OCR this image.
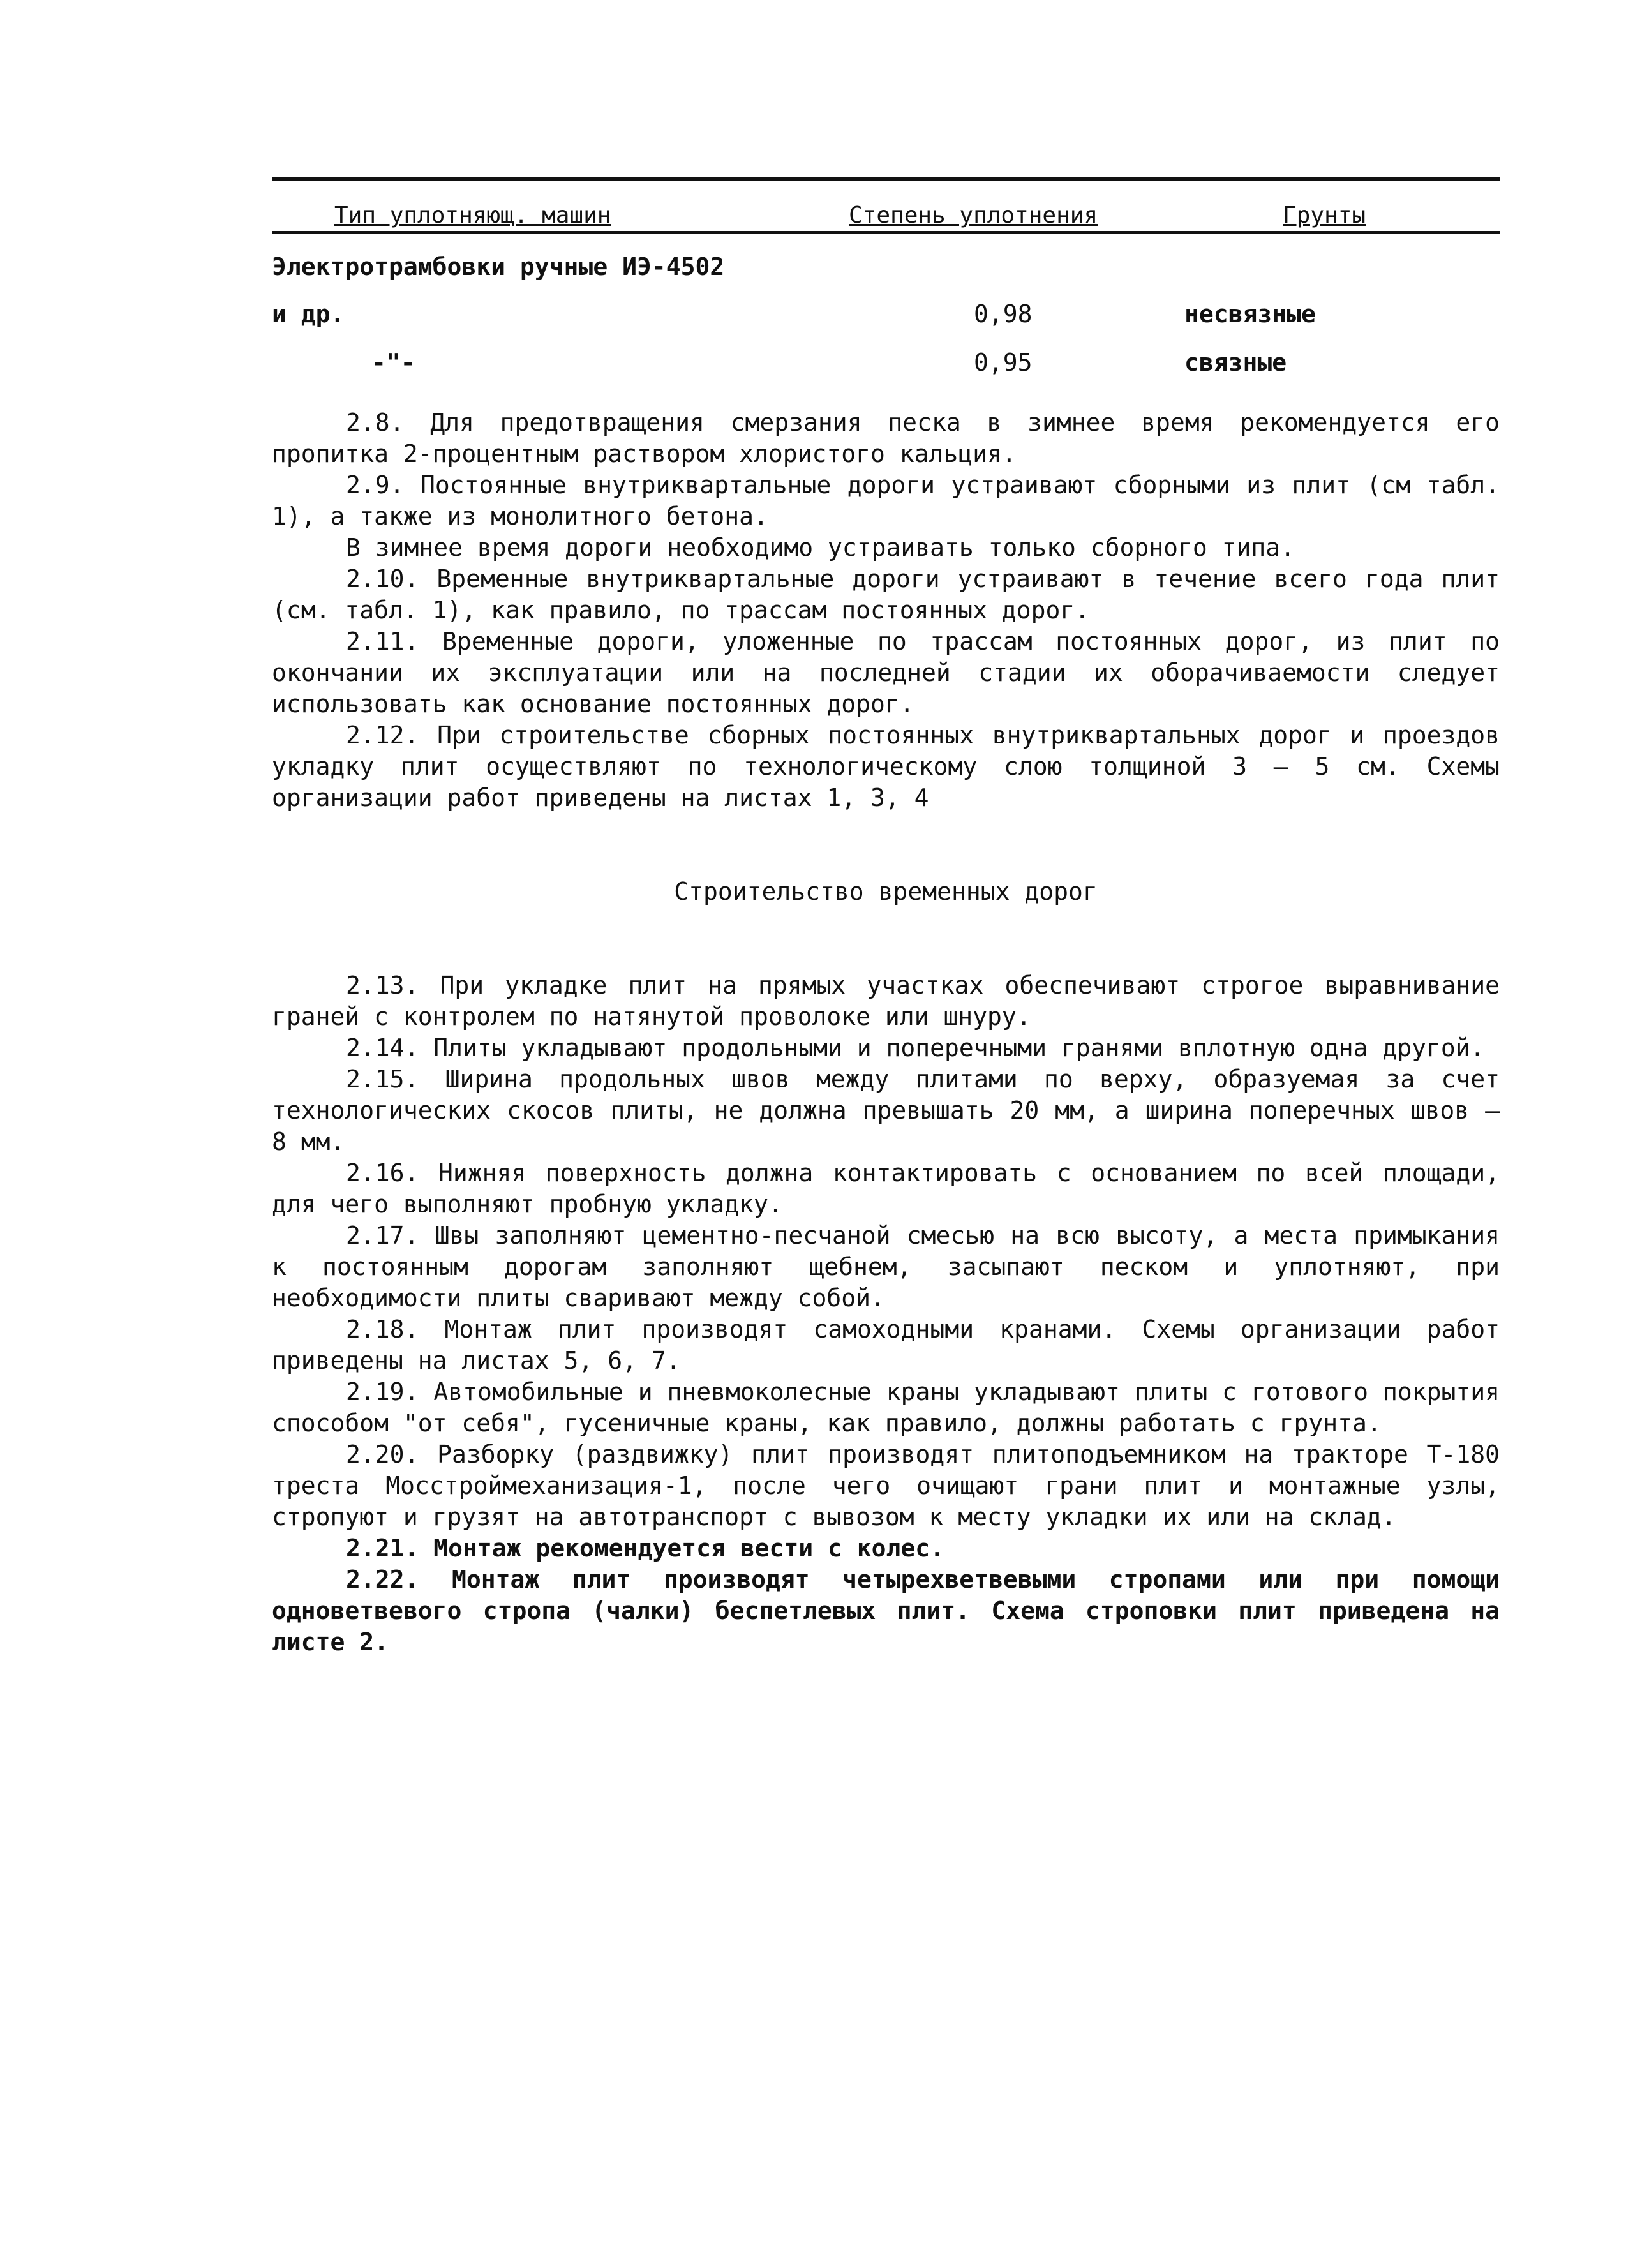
Тип уплотняющ. машин	Степень уплотнения	Грунты
Электротрамбовки ручные ИЭ-4502
и др.	0,98	несвязные
-"-	0,95	связные

2.8. Для предотвращения смерзания песка в зимнее время рекомендуется его пропитка 2-процентным раствором хлористого кальция.

2.9. Постоянные внутриквартальные дороги устраивают сборными из плит (см табл. 1), а также из монолитного бетона.

В зимнее время дороги необходимо устраивать только сборного типа.

2.10. Временные внутриквартальные дороги устраивают в течение всего года плит (см. табл. 1), как правило, по трассам постоянных дорог.

2.11. Временные дороги, уложенные по трассам постоянных дорог, из плит по окончании их эксплуатации или на последней стадии их оборачиваемости следует использовать как основание постоянных дорог.

2.12. При строительстве сборных постоянных внутриквартальных дорог и проездов укладку плит осуществляют по технологическому слою толщиной 3 – 5 см. Схемы организации работ приведены на листах 1, 3, 4

Строительство временных дорог

2.13. При укладке плит на прямых участках обеспечивают строгое выравнивание граней с контролем по натянутой проволоке или шнуру.

2.14. Плиты укладывают продольными и поперечными гранями вплотную одна другой.

2.15. Ширина продольных швов между плитами по верху, образуемая за счет технологических скосов плиты, не должна превышать 20 мм, а ширина поперечных швов – 8 мм.

2.16. Нижняя поверхность должна контактировать с основанием по всей площади, для чего выполняют пробную укладку.

2.17. Швы заполняют цементно-песчаной смесью на всю высоту, а места примыкания к постоянным дорогам заполняют щебнем, засыпают песком и уплотняют, при необходимости плиты сваривают между собой.

2.18. Монтаж плит производят самоходными кранами. Схемы организации работ приведены на листах 5, 6, 7.

2.19. Автомобильные и пневмоколесные краны укладывают плиты с готового покрытия способом "от себя", гусеничные краны, как правило, должны работать с грунта.

2.20. Разборку (раздвижку) плит производят плитоподъемником на тракторе Т-180 треста Мосстроймеханизация-1, после чего очищают грани плит и монтажные узлы, стропуют и грузят на автотранспорт с вывозом к месту укладки их или на склад.

2.21. Монтаж рекомендуется вести с колес.

2.22. Монтаж плит производят четырехветвевыми стропами или при помощи одноветвевого стропа (чалки) беспетлевых плит. Схема строповки плит приведена на листе 2.
